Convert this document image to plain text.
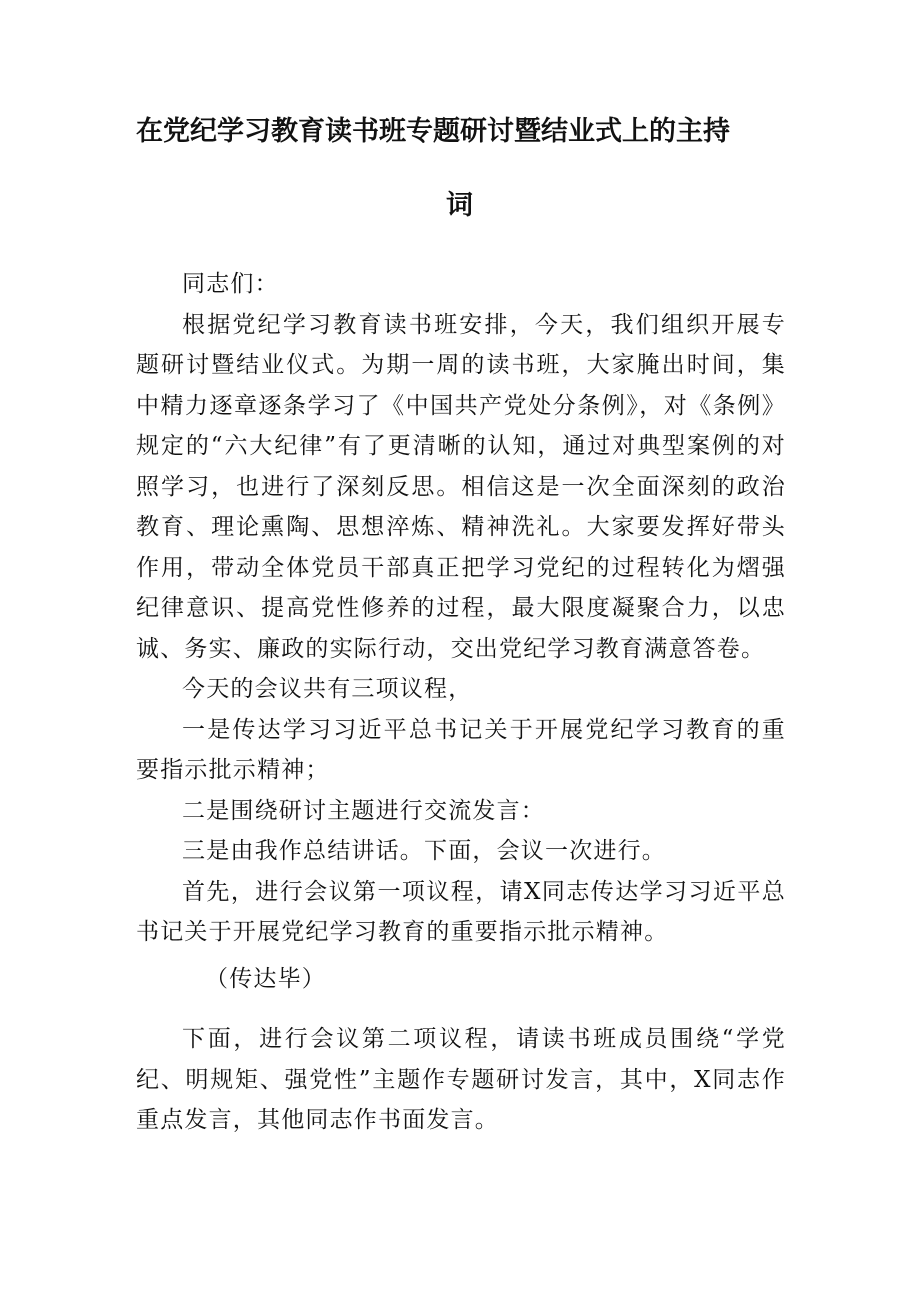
在党纪学习教育读书班专题研讨暨结业式上的主持
词

同志们：

根据党纪学习教育读书班安排，今天，我们组织开展专题研讨暨结业仪式。为期一周的读书班，大家腌出时间，集中精力逐章逐条学习了《中国共产党处分条例》，对《条例》规定的“六大纪律”有了更清晰的认知，通过对典型案例的对照学习，也进行了深刻反思。相信这是一次全面深刻的政治教育、理论熏陶、思想淬炼、精神洗礼。大家要发挥好带头作用，带动全体党员干部真正把学习党纪的过程转化为熠强纪律意识、提高党性修养的过程，最大限度凝聚合力，以忠诚、务实、廉政的实际行动，交出党纪学习教育满意答卷。

今天的会议共有三项议程，

一是传达学习习近平总书记关于开展党纪学习教育的重要指示批示精神；

二是围绕研讨主题进行交流发言：

三是由我作总结讲话。下面，会议一次进行。

首先，进行会议第一项议程，请X同志传达学习习近平总书记关于开展党纪学习教育的重要指示批示精神。

（传达毕）

下面，进行会议第二项议程，请读书班成员围绕“学党纪、明规矩、强党性”主题作专题研讨发言，其中，X同志作重点发言，其他同志作书面发言。
